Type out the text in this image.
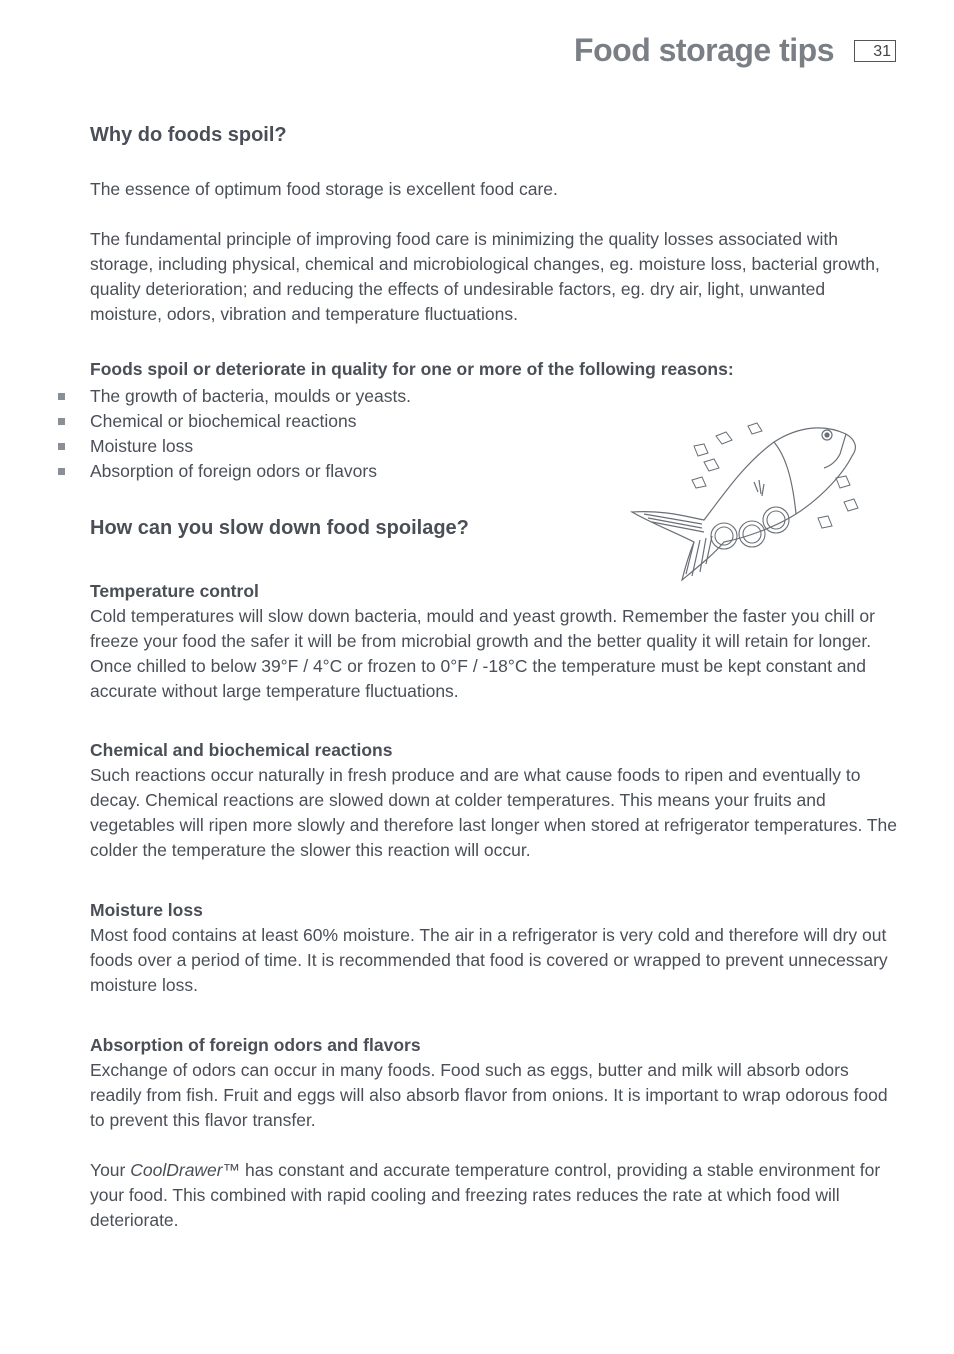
Food storage tips	31
Why do foods spoil?

The essence of optimum food storage is excellent food care.

The fundamental principle of improving food care is minimizing the quality losses associated with storage, including physical, chemical and microbiological changes, eg. moisture loss, bacterial growth, quality deterioration; and reducing the effects of undesirable factors, eg. dry air, light, unwanted moisture, odors, vibration and temperature fluctuations.

Foods spoil or deteriorate in quality for one or more of the following reasons:
The growth of bacteria, moulds or yeasts.
Chemical or biochemical reactions
Moisture loss
Absorption of foreign odors or flavors
How can you slow down food spoilage?
Temperature control
Cold temperatures will slow down bacteria, mould and yeast growth. Remember the faster you chill or freeze your food the safer it will be from microbial growth and the better quality it will retain for longer. Once chilled to below 39°F / 4°C or frozen to 0°F / -18°C the temperature must be kept constant and accurate without large temperature fluctuations.
Chemical and biochemical reactions
Such reactions occur naturally in fresh produce and are what cause foods to ripen and eventually to decay. Chemical reactions are slowed down at colder temperatures. This means your fruits and vegetables will ripen more slowly and therefore last longer when stored at refrigerator temperatures. The colder the temperature the slower this reaction will occur.
Moisture loss
Most food contains at least 60% moisture. The air in a refrigerator is very cold and therefore will dry out foods over a period of time. It is recommended that food is covered or wrapped to prevent unnecessary moisture loss.
Absorption of foreign odors and flavors
Exchange of odors can occur in many foods. Food such as eggs, butter and milk will absorb odors readily from fish. Fruit and eggs will also absorb flavor from onions. It is important to wrap odorous food to prevent this flavor transfer.

Your CoolDrawer™ has constant and accurate temperature control, providing a stable environment for your food. This combined with rapid cooling and freezing rates reduces the rate at which food will deteriorate.
